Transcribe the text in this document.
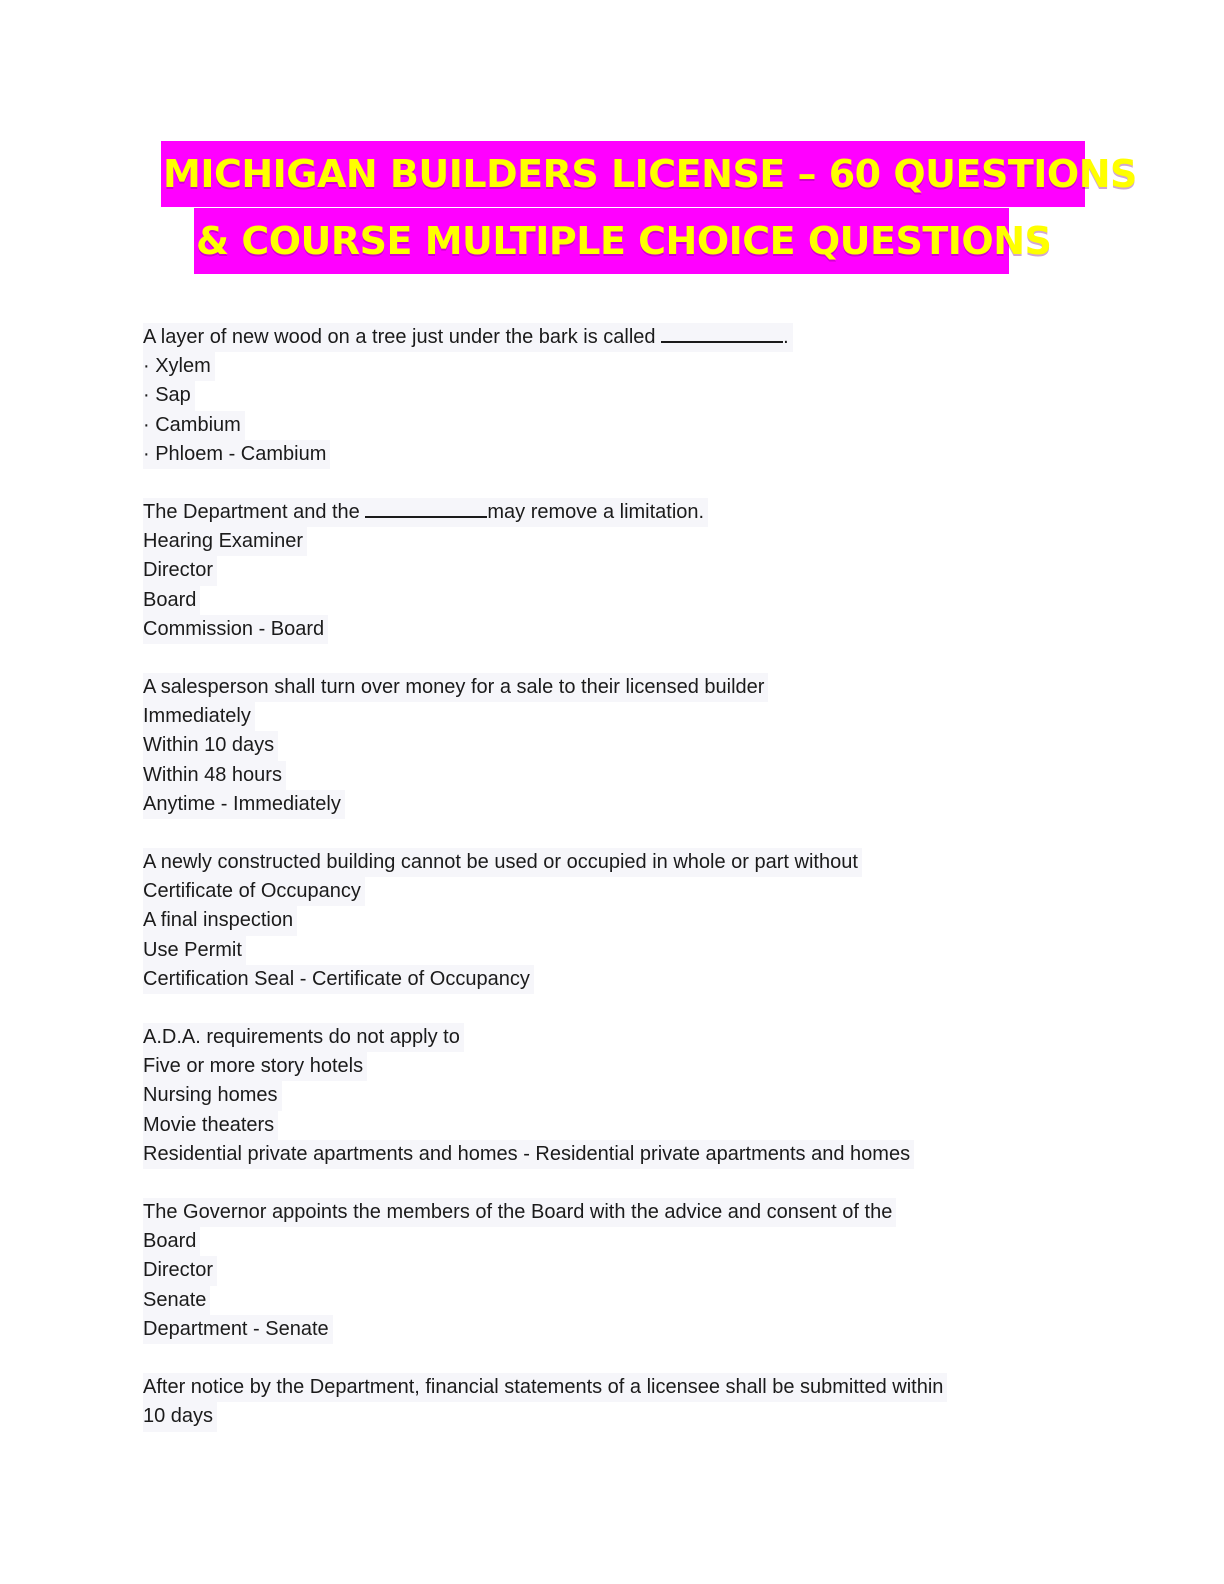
MICHIGAN BUILDERS LICENSE – 60 QUESTIONS
& COURSE MULTIPLE CHOICE QUESTIONS
A layer of new wood on a tree just under the bark is called	.
· Xylem
· Sap
· Cambium
· Phloem - Cambium
The Department and the	may remove a limitation.
Hearing Examiner
Director
Board
Commission - Board
A salesperson shall turn over money for a sale to their licensed builder
Immediately
Within 10 days
Within 48 hours
Anytime - Immediately
A newly constructed building cannot be used or occupied in whole or part without
Certificate of Occupancy
A final inspection
Use Permit
Certification Seal - Certificate of Occupancy
A.D.A. requirements do not apply to
Five or more story hotels
Nursing homes
Movie theaters
Residential private apartments and homes - Residential private apartments and homes
The Governor appoints the members of the Board with the advice and consent of the
Board
Director
Senate
Department - Senate
After notice by the Department, financial statements of a licensee shall be submitted within
10 days
